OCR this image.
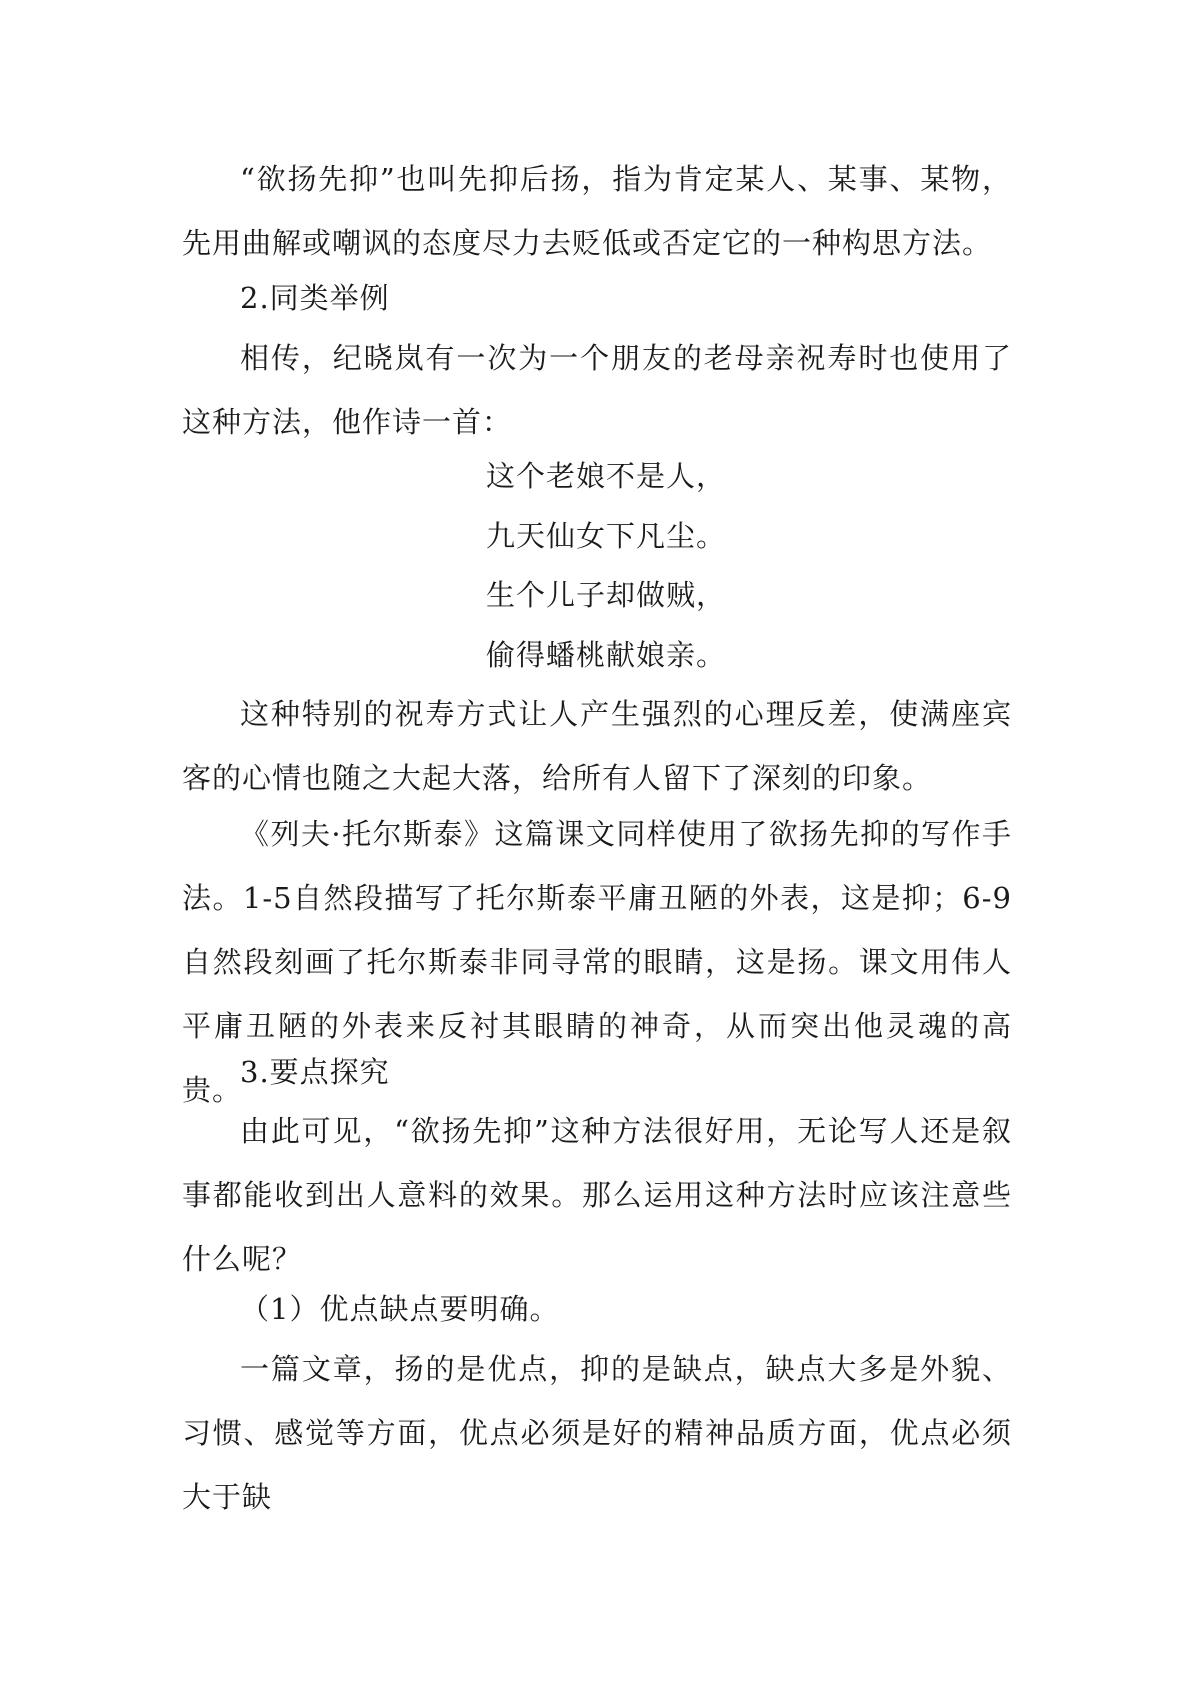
“欲扬先抑”也叫先抑后扬，指为肯定某人、某事、某物，先用曲解或嘲讽的态度尽力去贬低或否定它的一种构思方法。

2.同类举例

相传，纪晓岚有一次为一个朋友的老母亲祝寿时也使用了这种方法，他作诗一首：

这个老娘不是人，

九天仙女下凡尘。

生个儿子却做贼，

偷得蟠桃献娘亲。

这种特别的祝寿方式让人产生强烈的心理反差，使满座宾客的心情也随之大起大落，给所有人留下了深刻的印象。

《列夫·托尔斯泰》这篇课文同样使用了欲扬先抑的写作手法。1-5自然段描写了托尔斯泰平庸丑陋的外表，这是抑；6-9自然段刻画了托尔斯泰非同寻常的眼睛，这是扬。课文用伟人平庸丑陋的外表来反衬其眼睛的神奇，从而突出他灵魂的高贵。

3.要点探究

由此可见，“欲扬先抑”这种方法很好用，无论写人还是叙事都能收到出人意料的效果。那么运用这种方法时应该注意些什么呢？

（1）优点缺点要明确。

一篇文章，扬的是优点，抑的是缺点，缺点大多是外貌、习惯、感觉等方面，优点必须是好的精神品质方面，优点必须大于缺
